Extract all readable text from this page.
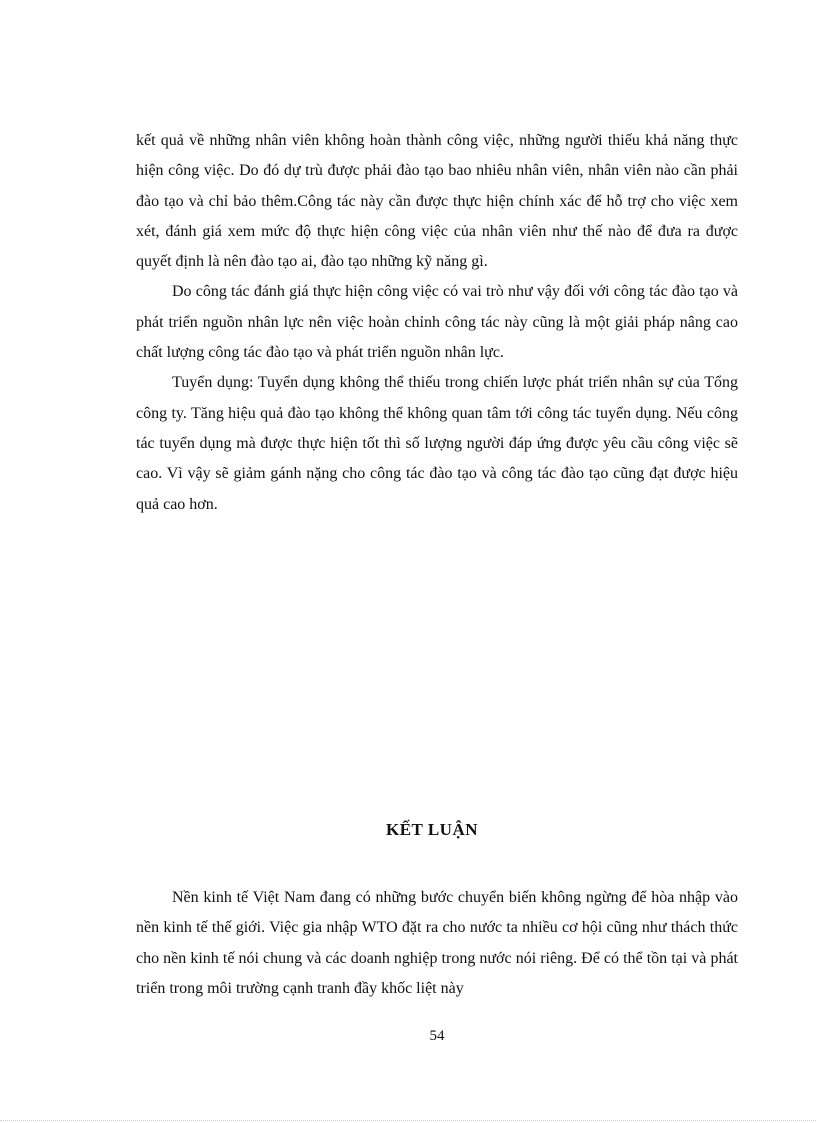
kết quả về những nhân viên không hoàn thành công việc, những người thiếu khả năng thực hiện công việc. Do đó dự trù được phải đào tạo bao nhiêu nhân viên, nhân viên nào cần phải đào tạo và chỉ bảo thêm.Công tác này cần được thực hiện chính xác để hỗ trợ cho việc xem xét, đánh giá xem mức độ thực hiện công việc của nhân viên như thế nào để đưa ra được quyết định là nên đào tạo ai, đào tạo những kỹ năng gì.

Do công tác đánh giá thực hiện công việc có vai trò như vậy đối với công tác đào tạo và phát triển nguồn nhân lực nên việc hoàn chỉnh công tác này cũng là một giải pháp nâng cao chất lượng công tác đào tạo và phát triển nguồn nhân lực.

Tuyển dụng: Tuyển dụng không thể thiếu trong chiến lược phát triển nhân sự của Tổng công ty. Tăng hiệu quả đào tạo không thể không quan tâm tới công tác tuyển dụng. Nếu công tác tuyển dụng mà được thực hiện tốt thì số lượng người đáp ứng được yêu cầu công việc sẽ cao. Vì vậy sẽ giảm gánh nặng cho công tác đào tạo và công tác đào tạo cũng đạt được hiệu quả cao hơn.

KẾT LUẬN

Nền kinh tế Việt Nam đang có những bước chuyển biến không ngừng để hòa nhập vào nền kinh tế thế giới. Việc gia nhập WTO đặt ra cho nước ta nhiều cơ hội cũng như thách thức cho nền kinh tế nói chung và các doanh nghiệp trong nước nói riêng. Để có thể tồn tại và phát triển trong môi trường cạnh tranh đầy khốc liệt này

54
